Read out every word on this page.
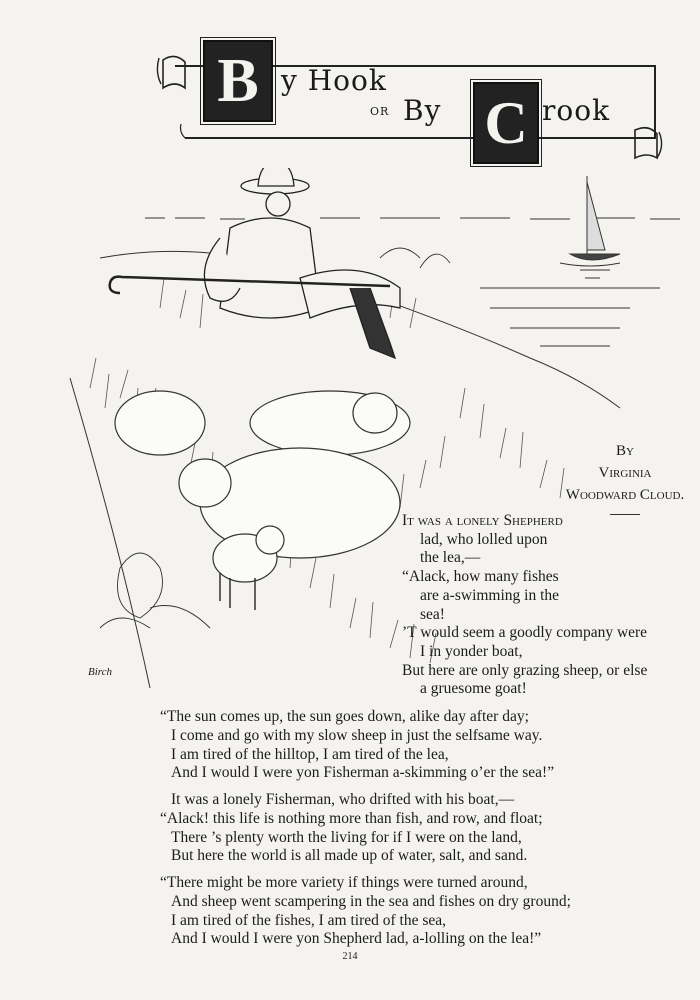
B y Hook
or By C rook
Birch
By
Virginia
Woodward Cloud.
It was a lonely Shepherd
lad, who lolled upon
the lea,—
“Alack, how many fishes
are a-swimming in the
sea!
’T would seem a goodly company were
I in yonder boat,
But here are only grazing sheep, or else
a gruesome goat!
“The sun comes up, the sun goes down, alike day after day;
I come and go with my slow sheep in just the selfsame way.
I am tired of the hilltop, I am tired of the lea,
And I would I were yon Fisherman a-skimming o’er the sea!”
It was a lonely Fisherman, who drifted with his boat,—
“Alack! this life is nothing more than fish, and row, and float;
There ’s plenty worth the living for if I were on the land,
But here the world is all made up of water, salt, and sand.
“There might be more variety if things were turned around,
And sheep went scampering in the sea and fishes on dry ground;
I am tired of the fishes, I am tired of the sea,
And I would I were yon Shepherd lad, a-lolling on the lea!”
214
